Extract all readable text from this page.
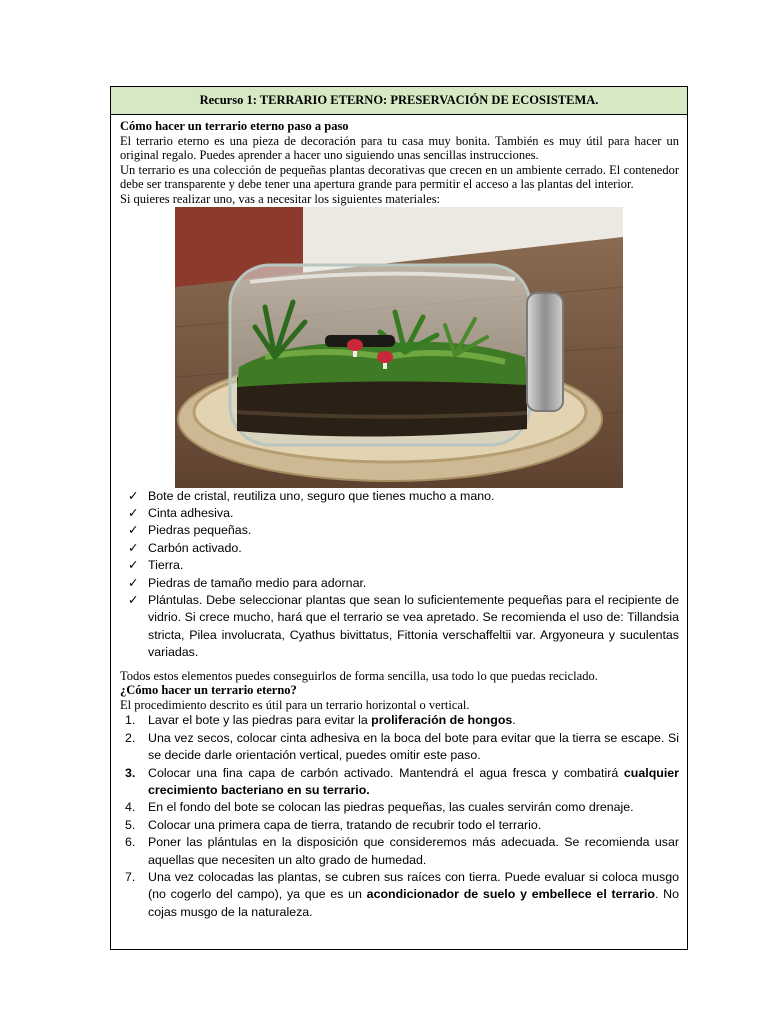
Recurso 1: TERRARIO ETERNO: PRESERVACIÓN DE ECOSISTEMA.
Cómo hacer un terrario eterno paso a paso
El terrario eterno es una pieza de decoración para tu casa muy bonita. También es muy útil para hacer un original regalo. Puedes aprender a hacer uno siguiendo unas sencillas instrucciones.
Un terrario es una colección de pequeñas plantas decorativas que crecen en un ambiente cerrado. El contenedor debe ser transparente y debe tener una apertura grande para permitir el acceso a las plantas del interior.
Si quieres realizar uno, vas a necesitar los siguientes materiales:
✓ Bote de cristal, reutiliza uno, seguro que tienes mucho a mano.
✓ Cinta adhesiva.
✓ Piedras pequeñas.
✓ Carbón activado.
✓ Tierra.
✓ Piedras de tamaño medio para adornar.
✓ Plántulas. Debe seleccionar plantas que sean lo suficientemente pequeñas para el recipiente de vidrio. Si crece mucho, hará que el terrario se vea apretado. Se recomienda el uso de: Tillandsia stricta, Pilea involucrata, Cyathus bivittatus, Fittonia verschaffeltii var. Argyoneura y suculentas variadas.
Todos estos elementos puedes conseguirlos de forma sencilla, usa todo lo que puedas reciclado.
¿Cómo hacer un terrario eterno?
El procedimiento descrito es útil para un terrario horizontal o vertical.
1. Lavar el bote y las piedras para evitar la proliferación de hongos.
2. Una vez secos, colocar cinta adhesiva en la boca del bote para evitar que la tierra se escape. Si se decide darle orientación vertical, puedes omitir este paso.
3. Colocar una fina capa de carbón activado. Mantendrá el agua fresca y combatirá cualquier crecimiento bacteriano en su terrario.
4. En el fondo del bote se colocan las piedras pequeñas, las cuales servirán como drenaje.
5. Colocar una primera capa de tierra, tratando de recubrir todo el terrario.
6. Poner las plántulas en la disposición que consideremos más adecuada. Se recomienda usar aquellas que necesiten un alto grado de humedad.
7. Una vez colocadas las plantas, se cubren sus raíces con tierra. Puede evaluar si coloca musgo (no cogerlo del campo), ya que es un acondicionador de suelo y embellece el terrario. No cojas musgo de la naturaleza.
